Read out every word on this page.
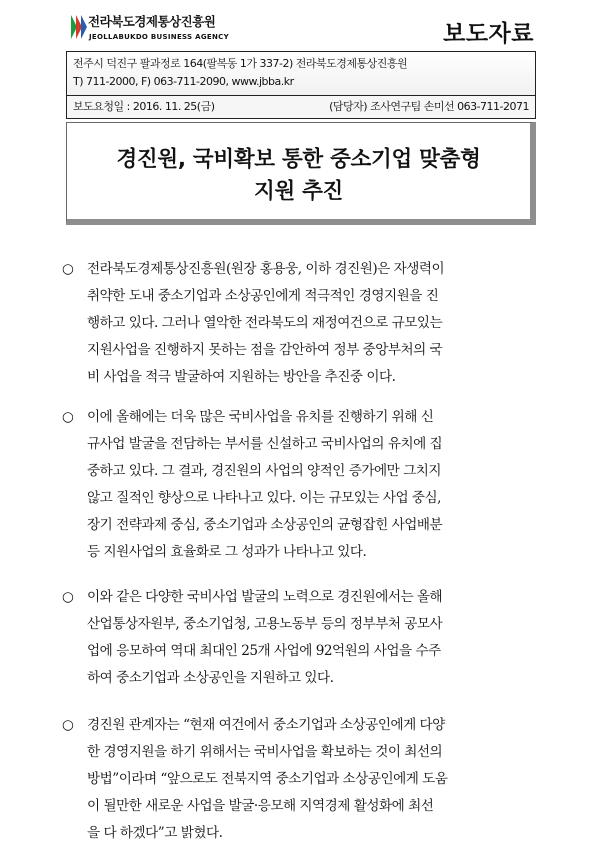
전라북도경제통상진흥원
JEOLLABUKDO BUSINESS AGENCY	보도자료
전주시 덕진구 팔과정로 164(팔복동 1가 337-2) 전라북도경제통상진흥원
T) 711-2000, F) 063-711-2090, www.jbba.kr
보도요청일 : 2016. 11. 25(금)	(담당자) 조사연구팀 손미선 063-711-2071
경진원, 국비확보 통한 중소기업 맞춤형
지원 추진
○ 전라북도경제통상진흥원(원장 홍용웅, 이하 경진원)은 자생력이
취약한 도내 중소기업과 소상공인에게 적극적인 경영지원을 진
행하고 있다. 그러나 열악한 전라북도의 재정여건으로 규모있는
지원사업을 진행하지 못하는 점을 감안하여 정부 중앙부처의 국
비 사업을 적극 발굴하여 지원하는 방안을 추진중 이다.
○ 이에 올해에는 더욱 많은 국비사업을 유치를 진행하기 위해 신
규사업 발굴을 전담하는 부서를 신설하고 국비사업의 유치에 집
중하고 있다. 그 결과, 경진원의 사업의 양적인 증가에만 그치지
않고 질적인 향상으로 나타나고 있다. 이는 규모있는 사업 중심,
장기 전략과제 중심, 중소기업과 소상공인의 균형잡힌 사업배분
등 지원사업의 효율화로 그 성과가 나타나고 있다.
○ 이와 같은 다양한 국비사업 발굴의 노력으로 경진원에서는 올해
산업통상자원부, 중소기업청, 고용노동부 등의 정부부처 공모사
업에 응모하여 역대 최대인 25개 사업에 92억원의 사업을 수주
하여 중소기업과 소상공인을 지원하고 있다.
○ 경진원 관계자는 “현재 여건에서 중소기업과 소상공인에게 다양
한 경영지원을 하기 위해서는 국비사업을 확보하는 것이 최선의
방법”이라며 “앞으로도 전북지역 중소기업과 소상공인에게 도움
이 될만한 새로운 사업을 발굴·응모해 지역경제 활성화에 최선
을 다 하겠다”고 밝혔다.
